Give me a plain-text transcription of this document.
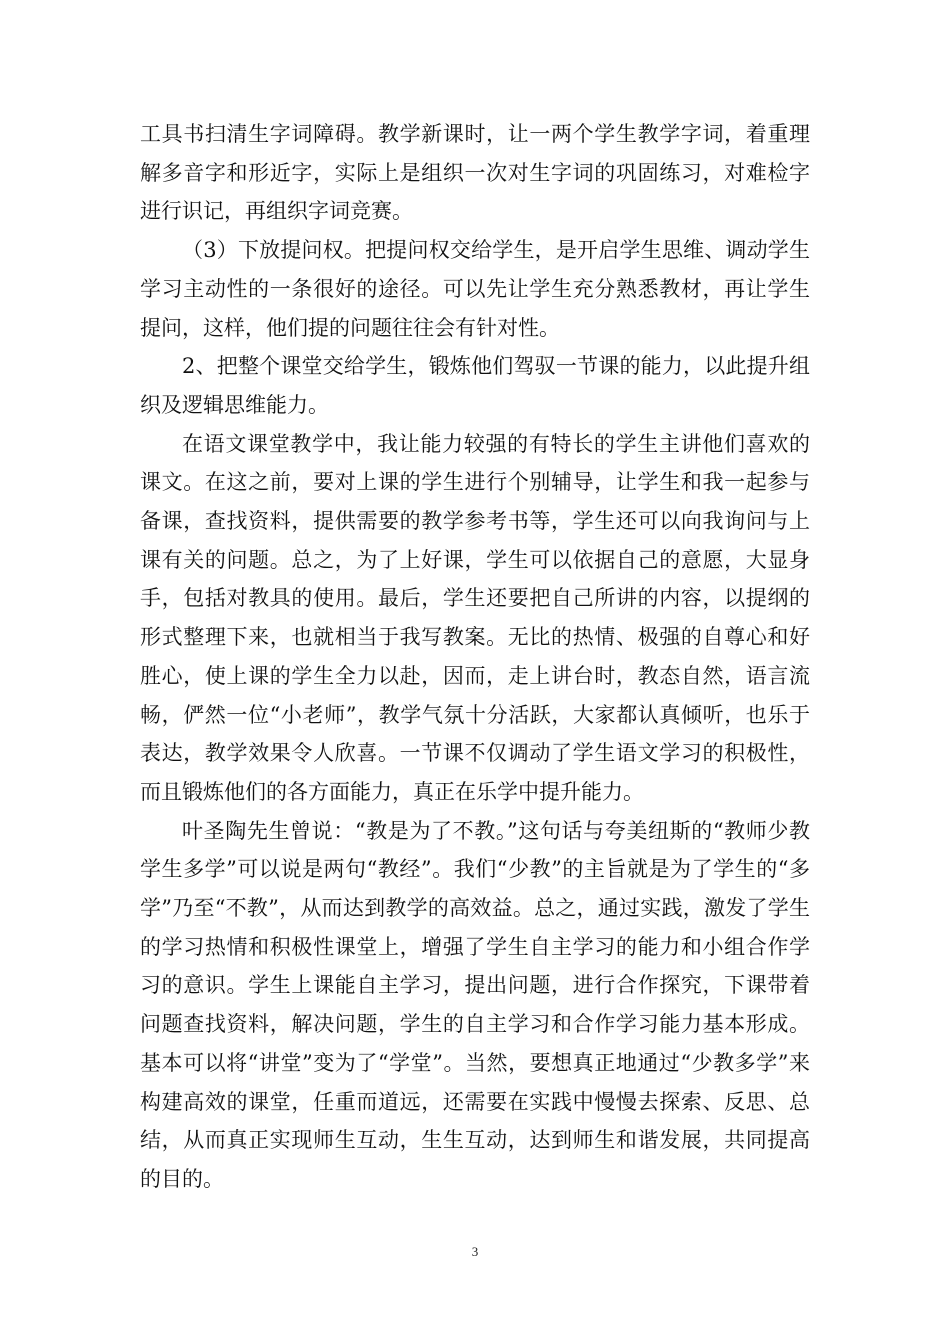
工具书扫清生字词障碍。教学新课时，让一两个学生教学字词，着重理解多音字和形近字，实际上是组织一次对生字词的巩固练习，对难检字进行识记，再组织字词竞赛。

（3）下放提问权。把提问权交给学生，是开启学生思维、调动学生学习主动性的一条很好的途径。可以先让学生充分熟悉教材，再让学生提问，这样，他们提的问题往往会有针对性。

2、把整个课堂交给学生，锻炼他们驾驭一节课的能力，以此提升组织及逻辑思维能力。

在语文课堂教学中，我让能力较强的有特长的学生主讲他们喜欢的课文。在这之前，要对上课的学生进行个别辅导，让学生和我一起参与备课，查找资料，提供需要的教学参考书等，学生还可以向我询问与上课有关的问题。总之，为了上好课，学生可以依据自己的意愿，大显身手，包括对教具的使用。最后，学生还要把自己所讲的内容，以提纲的形式整理下来，也就相当于我写教案。无比的热情、极强的自尊心和好胜心，使上课的学生全力以赴，因而，走上讲台时，教态自然，语言流畅，俨然一位“小老师”，教学气氛十分活跃，大家都认真倾听，也乐于表达，教学效果令人欣喜。一节课不仅调动了学生语文学习的积极性，而且锻炼他们的各方面能力，真正在乐学中提升能力。

叶圣陶先生曾说：“教是为了不教。”这句话与夸美纽斯的“教师少教学生多学”可以说是两句“教经”。我们“少教”的主旨就是为了学生的“多学”乃至“不教”，从而达到教学的高效益。总之，通过实践，激发了学生的学习热情和积极性课堂上，增强了学生自主学习的能力和小组合作学习的意识。学生上课能自主学习，提出问题，进行合作探究，下课带着问题查找资料，解决问题，学生的自主学习和合作学习能力基本形成。基本可以将“讲堂”变为了“学堂”。当然，要想真正地通过“少教多学”来构建高效的课堂，任重而道远，还需要在实践中慢慢去探索、反思、总结，从而真正实现师生互动，生生互动，达到师生和谐发展，共同提高的目的。

3
